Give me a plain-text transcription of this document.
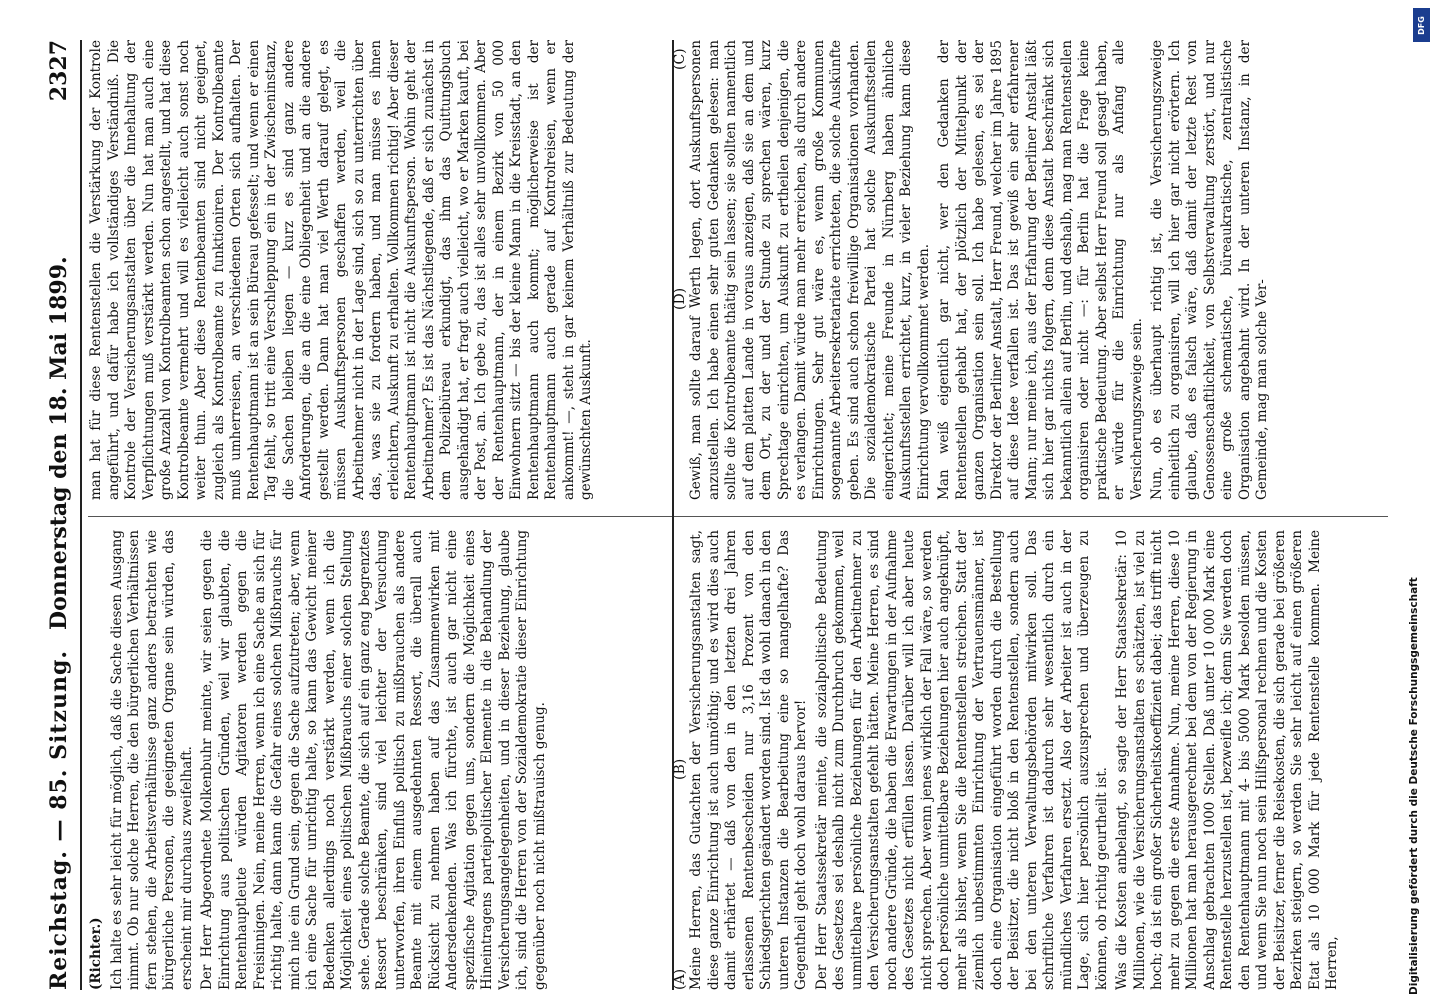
Reichstag. — 85. Sitzung.
Donnerstag den 18. Mai 1899.
2327

(Richter.) Ich halte es sehr leicht für möglich, daß die Sache diesen Ausgang nimmt. Ob nur solche Herren, die den bürgerlichen Verhältnissen fern stehen, die Arbeitsverhältnisse ganz anders betrachten wie bürgerliche Personen, die geeigneten Organe sein würden, das erscheint mir durchaus zweifelhaft. Der Herr Abgeordnete Molkenbuhr meinte, wir seien gegen die Einrichtung aus politischen Gründen, weil wir glaubten, die Rentenhauptleute würden Agitatoren werden gegen die Freisinnigen. Nein, meine Herren, wenn ich eine Sache an sich für richtig halte, dann kann die Gefahr eines solchen Mißbrauchs für mich nie ein Grund sein, gegen die Sache aufzutreten; aber, wenn ich eine Sache für unrichtig halte, so kann das Gewicht meiner Bedenken allerdings noch verstärkt werden, wenn ich die Möglichkeit eines politischen Mißbrauchs einer solchen Stellung sehe. Gerade solche Beamte, die sich auf ein ganz eng begrenztes Ressort beschränken, sind viel leichter der Versuchung unterworfen, ihren Einfluß politisch zu mißbrauchen als andere Beamte mit einem ausgedehnten Ressort, die überall auch Rücksicht zu nehmen haben auf das Zusammenwirken mit Andersdenkenden. Was ich fürchte, ist auch gar nicht eine spezifische Agitation gegen uns, sondern die Möglichkeit eines Hineintragens parteipolitischer Elemente in die Behandlung der Versicherungsangelegenheiten, und in dieser Beziehung, glaube ich, sind die Herren von der Sozialdemokratie dieser Einrichtung gegenüber noch nicht mißtrauisch genug.

man hat für diese Rentenstellen die Verstärkung der Kontrole angeführt, und dafür habe ich vollständiges Verständniß. Die Kontrole der Versicherungsanstalten über die Innehaltung der Verpflichtungen muß verstärkt werden. Nun hat man auch eine große Anzahl von Kontrolbeamten schon angestellt, und hat diese Kontrolbeamte vermehrt und will es vielleicht auch sonst noch weiter thun. Aber diese Rentenbeamten sind nicht geeignet, zugleich als Kontrolbeamte zu funktioniren. Der Kontrolbeamte muß umherreisen, an verschiedenen Orten sich aufhalten. Der Rentenhauptmann ist an sein Büreau gefesselt; und wenn er einen Tag fehlt, so tritt eine Verschleppung ein in der Zwischeninstanz, die Sachen bleiben liegen — kurz es sind ganz andere Anforderungen, die an die eine Obliegenheit und an die andere gestellt werden. Dann hat man viel Werth darauf gelegt, es müssen Auskunftspersonen geschaffen werden, weil die Arbeitnehmer nicht in der Lage sind, sich so zu unterrichten über das, was sie zu fordern haben, und man müsse es ihnen erleichtern, Auskunft zu erhalten. Vollkommen richtig! Aber dieser Rentenhauptmann ist nicht die Auskunftsperson. Wohin geht der Arbeitnehmer? Es ist das Nächstliegende, daß er sich zunächst in dem Polizeibüreau erkundigt, das ihm das Quittungsbuch ausgehändigt hat, er fragt auch vielleicht, wo er Marken kauft, bei der Post, an. Ich gebe zu, das ist alles sehr unvollkommen. Aber der Rentenhauptmann, der in einem Bezirk von 50 000 Einwohnern sitzt — bis der kleine Mann in die Kreisstadt, an den Rentenhauptmann auch kommt; möglicherweise ist der Rentenhauptmann auch gerade auf Kontrolreisen, wenn er ankommt! —, steht in gar keinem Verhältniß zur Bedeutung der gewünschten Auskunft.

Meine Herren, das Gutachten der Versicherungsanstalten sagt, diese ganze Einrichtung ist auch unnöthig; und es wird dies auch damit erhärtet — daß von den in den letzten drei Jahren erlassenen Rentenbescheiden nur 3,16 Prozent von den Schiedsgerichten geändert worden sind. Ist da wohl danach in den unteren Instanzen die Bearbeitung eine so mangelhafte? Das Gegentheil geht doch wohl daraus hervor! Der Herr Staatssekretär meinte, die sozialpolitische Bedeutung des Gesetzes sei deshalb nicht zum Durchbruch gekommen, weil unmittelbare persönliche Beziehungen für den Arbeitnehmer zu den Versicherungsanstalten gefehlt hätten. Meine Herren, es sind noch andere Gründe, die haben die Erwartungen in der Aufnahme des Gesetzes nicht erfüllen lassen. Darüber will ich aber heute nicht sprechen. Aber wenn jenes wirklich der Fall wäre, so werden doch persönliche unmittelbare Beziehungen hier auch angeknüpft, mehr als bisher, wenn Sie die Rentenstellen streichen. Statt der ziemlich unbestimmten Einrichtung der Vertrauensmänner, ist doch eine Organisation eingeführt worden durch die Bestellung der Beisitzer, die nicht bloß in den Rentenstellen, sondern auch bei den unteren Verwaltungsbehörden mitwirken soll. Das schriftliche Verfahren ist dadurch sehr wesentlich durch ein mündliches Verfahren ersetzt. Also der Arbeiter ist auch in der Lage, sich hier persönlich auszusprechen und überzeugen zu können, ob richtig geurtheilt ist. Was die Kosten anbelangt, so sagte der Herr Staatssekretär: 10 Millionen, wie die Versicherungsanstalten es schätzten, ist viel zu hoch; da ist ein großer Sicherheitskoeffizient dabei; das trifft nicht mehr zu gegen die erste Annahme. Nun, meine Herren, diese 10 Millionen hat man herausgerechnet bei dem von der Regierung in Anschlag gebrachten 1000 Stellen. Daß unter 10 000 Mark eine Rentenstelle herzustellen ist, bezweifle ich; denn Sie werden doch den Rentenhauptmann mit 4- bis 5000 Mark besolden müssen, und wenn Sie nun noch sein Hilfspersonal rechnen und die Kosten der Beisitzer, ferner die Reisekosten, die sich gerade bei größeren Bezirken steigern, so werden Sie sehr leicht auf einen größeren Etat als 10 000 Mark für jede Rentenstelle kommen. Meine Herren,

Gewiß, man sollte darauf Werth legen, dort Auskunftspersonen anzustellen. Ich habe einen sehr guten Gedanken gelesen: man sollte die Kontrolbeamte thätig sein lassen; sie sollten namentlich auf dem platten Lande in voraus anzeigen, daß sie an dem und dem Ort, zu der und der Stunde zu sprechen wären, kurz Sprechtage einrichten, um Auskunft zu ertheilen denjenigen, die es verlangen. Damit würde man mehr erreichen, als durch andere Einrichtungen. Sehr gut wäre es, wenn große Kommunen sogenannte Arbeitersekretariate errichteten, die solche Auskünfte geben. Es sind auch schon freiwillige Organisationen vorhanden. Die sozialdemokratische Partei hat solche Auskunftsstellen eingerichtet; meine Freunde in Nürnberg haben ähnliche Auskunftsstellen errichtet, kurz, in vieler Beziehung kann diese Einrichtung vervollkommnet werden. Man weiß eigentlich gar nicht, wer den Gedanken der Rentenstellen gehabt hat, der plötzlich der Mittelpunkt der ganzen Organisation sein soll. Ich habe gelesen, es sei der Direktor der Berliner Anstalt, Herr Freund, welcher im Jahre 1895 auf diese Idee verfallen ist. Das ist gewiß ein sehr erfahrener Mann; nur meine ich, aus der Erfahrung der Berliner Anstalt läßt sich hier gar nichts folgern, denn diese Anstalt beschränkt sich bekanntlich allein auf Berlin, und deshalb, mag man Rentenstellen organisiren oder nicht —: für Berlin hat die Frage keine praktische Bedeutung. Aber selbst Herr Freund soll gesagt haben, er würde für die Einrichtung nur als Anfang alle Versicherungszweige sein. Nun, ob es überhaupt richtig ist, die Versicherungszweige einheitlich zu organisiren, will ich hier gar nicht erörtern. Ich glaube, daß es falsch wäre, daß damit der letzte Rest von Genossenschaftlichkeit, von Selbstverwaltung zerstört, und nur eine große schematische, büreaukratische, zentralistische Organisation angebahnt wird. In der unteren Instanz, in der Gemeinde, mag man solche Ver-

(A)
(B)
(C)
(D)
DFG
Digitalisierung gefördert durch die Deutsche Forschungsgemeinschaft
